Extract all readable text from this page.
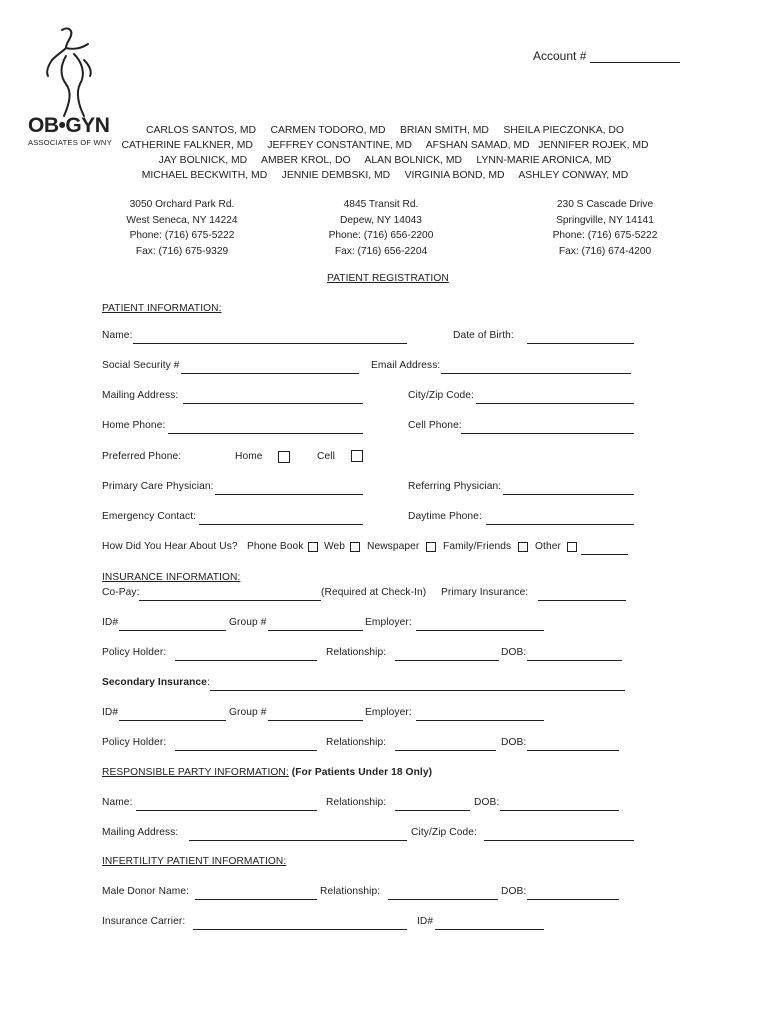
OB•GYN
ASSOCIATES OF WNY
Account #
CARLOS SANTOS, MD     CARMEN TODORO, MD     BRIAN SMITH, MD     SHEILA PIECZONKA, DO
CATHERINE FALKNER, MD     JEFFREY CONSTANTINE, MD     AFSHAN SAMAD, MD   JENNIFER ROJEK, MD
JAY BOLNICK, MD     AMBER KROL, DO     ALAN BOLNICK, MD     LYNN-MARIE ARONICA, MD
MICHAEL BECKWITH, MD     JENNIE DEMBSKI, MD     VIRGINIA BOND, MD     ASHLEY CONWAY, MD
3050 Orchard Park Rd.
West Seneca, NY 14224
Phone: (716) 675-5222
Fax: (716) 675-9329
4845 Transit Rd.
Depew, NY 14043
Phone: (716) 656-2200
Fax: (716) 656-2204
230 S Cascade Drive
Springville, NY 14141
Phone: (716) 675-5222
Fax: (716) 674-4200
PATIENT REGISTRATION
PATIENT INFORMATION:
Name:	Date of Birth:
Social Security #	Email Address:
Mailing Address:	City/Zip Code:
Home Phone:	Cell Phone:
Preferred Phone:	Home	Cell
Primary Care Physician:	Referring Physician:
Emergency Contact:	Daytime Phone:
How Did You Hear About Us? Phone Book Web Newspaper Family/Friends Other
INSURANCE INFORMATION:
Co-Pay:	(Required at Check-In) Primary Insurance:
ID#	Group #	Employer:
Policy Holder:	Relationship:	DOB:
Secondary Insurance:
ID#	Group #	Employer:
Policy Holder:	Relationship:	DOB:
RESPONSIBLE PARTY INFORMATION: (For Patients Under 18 Only)
Name:	Relationship:	DOB:
Mailing Address:	City/Zip Code:
INFERTILITY PATIENT INFORMATION:
Male Donor Name:	Relationship:	DOB:
Insurance Carrier:	ID#
